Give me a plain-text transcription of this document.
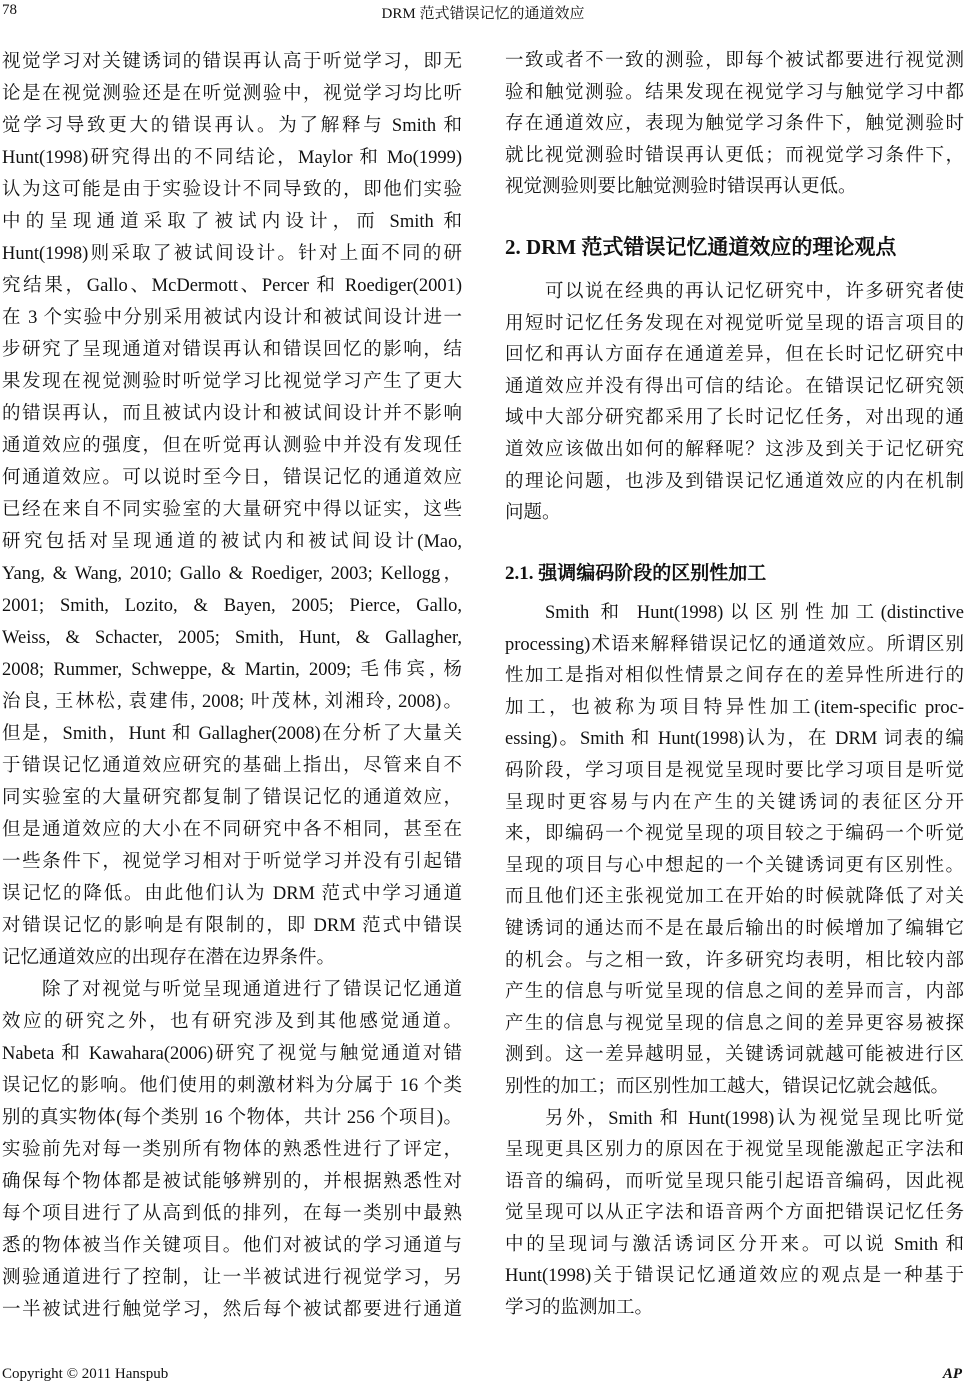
78	DRM 范式错误记忆的通道效应
视觉学习对关键诱词的错误再认高于听觉学习，即无
论是在视觉测验还是在听觉测验中，视觉学习均比听
觉学习导致更大的错误再认。为了解释与 Smith 和
Hunt(1998)研究得出的不同结论，Maylor 和 Mo(1999)
认为这可能是由于实验设计不同导致的，即他们实验
中的呈现通道采取了被试内设计，而 Smith 和
Hunt(1998)则采取了被试间设计。针对上面不同的研
究结果，Gallo、McDermott、Percer 和 Roediger(2001)
在 3 个实验中分别采用被试内设计和被试间设计进一
步研究了呈现通道对错误再认和错误回忆的影响，结
果发现在视觉测验时听觉学习比视觉学习产生了更大
的错误再认，而且被试内设计和被试间设计并不影响
通道效应的强度，但在听觉再认测验中并没有发现任
何通道效应。可以说时至今日，错误记忆的通道效应
已经在来自不同实验室的大量研究中得以证实，这些
研究包括对呈现通道的被试内和被试间设计(Mao,
Yang, & Wang, 2010; Gallo & Roediger, 2003; Kellogg，
2001; Smith, Lozito, & Bayen, 2005; Pierce, Gallo,
Weiss, & Schacter, 2005; Smith, Hunt, & Gallagher,
2008; Rummer, Schweppe, & Martin, 2009; 毛伟宾, 杨
治良, 王林松, 袁建伟, 2008; 叶茂林, 刘湘玲, 2008)。
但是，Smith，Hunt 和 Gallagher(2008)在分析了大量关
于错误记忆通道效应研究的基础上指出，尽管来自不
同实验室的大量研究都复制了错误记忆的通道效应，
但是通道效应的大小在不同研究中各不相同，甚至在
一些条件下，视觉学习相对于听觉学习并没有引起错
误记忆的降低。由此他们认为 DRM 范式中学习通道
对错误记忆的影响是有限制的，即 DRM 范式中错误
记忆通道效应的出现存在潜在边界条件。
除了对视觉与听觉呈现通道进行了错误记忆通道
效应的研究之外，也有研究涉及到其他感觉通道。
Nabeta 和 Kawahara(2006)研究了视觉与触觉通道对错
误记忆的影响。他们使用的刺激材料为分属于 16 个类
别的真实物体(每个类别 16 个物体，共计 256 个项目)。
实验前先对每一类别所有物体的熟悉性进行了评定，
确保每个物体都是被试能够辨别的，并根据熟悉性对
每个项目进行了从高到低的排列，在每一类别中最熟
悉的物体被当作关键项目。他们对被试的学习通道与
测验通道进行了控制，让一半被试进行视觉学习，另
一半被试进行触觉学习，然后每个被试都要进行通道
一致或者不一致的测验，即每个被试都要进行视觉测
验和触觉测验。结果发现在视觉学习与触觉学习中都
存在通道效应，表现为触觉学习条件下，触觉测验时
就比视觉测验时错误再认更低；而视觉学习条件下，
视觉测验则要比触觉测验时错误再认更低。
2. DRM 范式错误记忆通道效应的理论观点
可以说在经典的再认记忆研究中，许多研究者使
用短时记忆任务发现在对视觉听觉呈现的语言项目的
回忆和再认方面存在通道差异，但在长时记忆研究中
通道效应并没有得出可信的结论。在错误记忆研究领
域中大部分研究都采用了长时记忆任务，对出现的通
道效应该做出如何的解释呢？这涉及到关于记忆研究
的理论问题，也涉及到错误记忆通道效应的内在机制
问题。
2.1. 强调编码阶段的区别性加工
Smith 和 Hunt(1998)以区别性加工(distinctive
processing)术语来解释错误记忆的通道效应。所谓区别
性加工是指对相似性情景之间存在的差异性所进行的
加工，也被称为项目特异性加工(item-specific proc-
essing)。Smith 和 Hunt(1998)认为，在 DRM 词表的编
码阶段，学习项目是视觉呈现时要比学习项目是听觉
呈现时更容易与内在产生的关键诱词的表征区分开
来，即编码一个视觉呈现的项目较之于编码一个听觉
呈现的项目与心中想起的一个关键诱词更有区别性。
而且他们还主张视觉加工在开始的时候就降低了对关
键诱词的通达而不是在最后输出的时候增加了编辑它
的机会。与之相一致，许多研究均表明，相比较内部
产生的信息与听觉呈现的信息之间的差异而言，内部
产生的信息与视觉呈现的信息之间的差异更容易被探
测到。这一差异越明显，关键诱词就越可能被进行区
别性的加工；而区别性加工越大，错误记忆就会越低。
另外，Smith 和 Hunt(1998)认为视觉呈现比听觉
呈现更具区别力的原因在于视觉呈现能激起正字法和
语音的编码，而听觉呈现只能引起语音编码，因此视
觉呈现可以从正字法和语音两个方面把错误记忆任务
中的呈现词与激活诱词区分开来。可以说 Smith 和
Hunt(1998)关于错误记忆通道效应的观点是一种基于
学习的监测加工。
Copyright © 2011 Hanspub	AP
